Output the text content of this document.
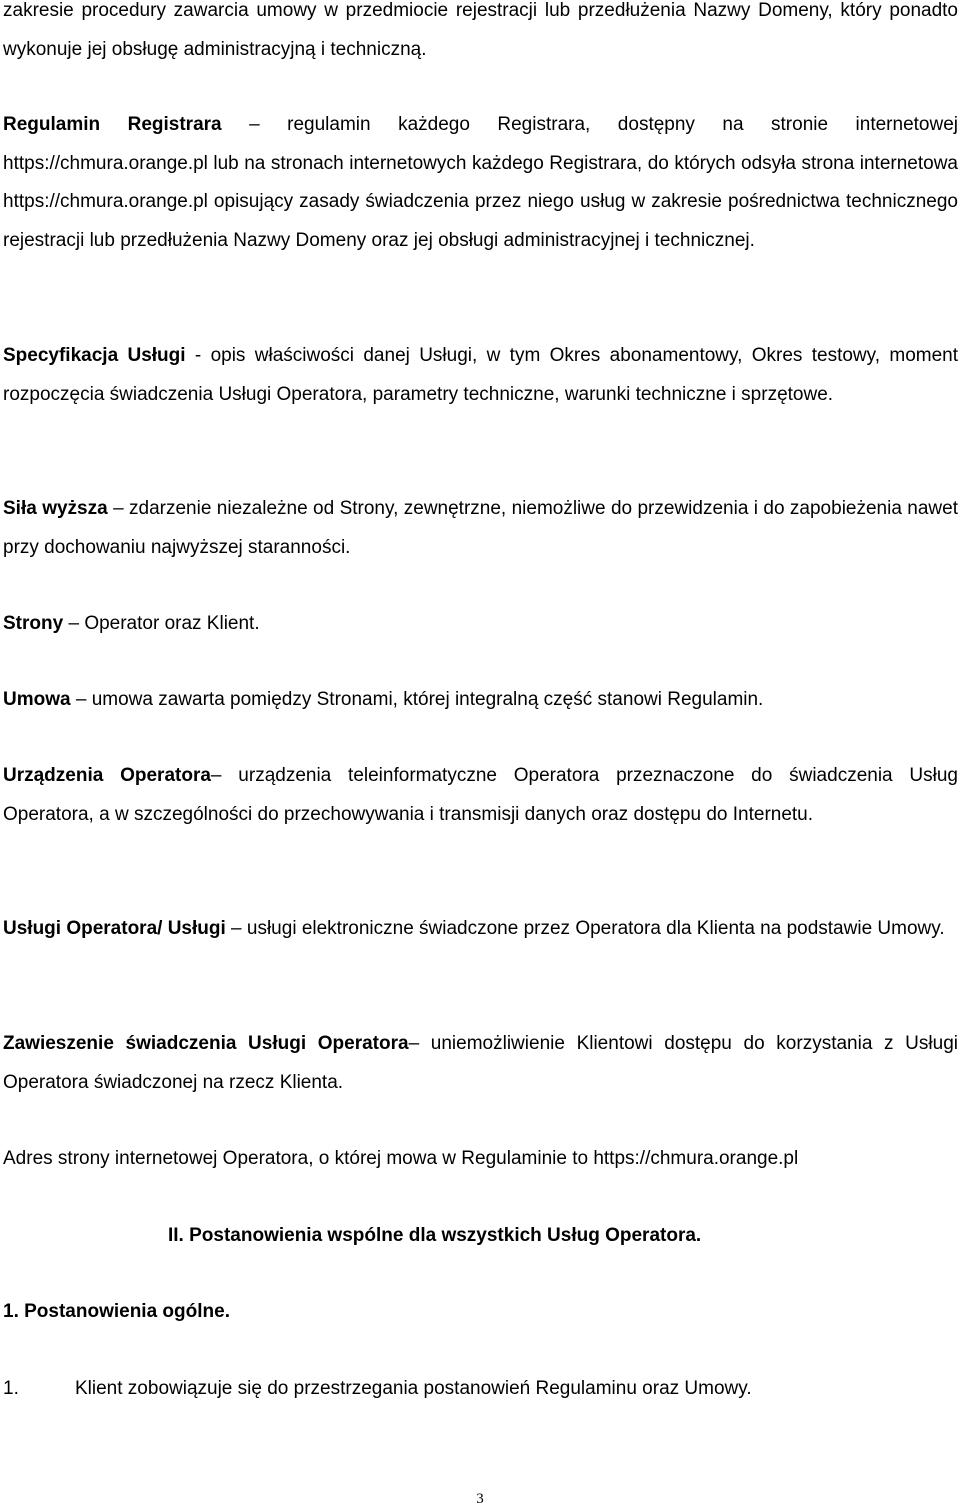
zakresie procedury zawarcia umowy w przedmiocie rejestracji lub przedłużenia Nazwy Domeny, który ponadto wykonuje jej obsługę administracyjną i techniczną.

Regulamin Registrara – regulamin każdego Registrara, dostępny na stronie internetowej https://chmura.orange.pl lub na stronach internetowych każdego Registrara, do których odsyła strona internetowa https://chmura.orange.pl opisujący zasady świadczenia przez niego usług w zakresie pośrednictwa technicznego rejestracji lub przedłużenia Nazwy Domeny oraz jej obsługi administracyjnej i technicznej.

Specyfikacja Usługi - opis właściwości danej Usługi, w tym Okres abonamentowy, Okres testowy, moment rozpoczęcia świadczenia Usługi Operatora, parametry techniczne, warunki techniczne i sprzętowe.

Siła wyższa – zdarzenie niezależne od Strony, zewnętrzne, niemożliwe do przewidzenia i do zapobieżenia nawet przy dochowaniu najwyższej staranności.

Strony – Operator oraz Klient.

Umowa – umowa zawarta pomiędzy Stronami, której integralną część stanowi Regulamin.

Urządzenia Operatora– urządzenia teleinformatyczne Operatora przeznaczone do świadczenia Usług Operatora, a w szczególności do przechowywania i transmisji danych oraz dostępu do Internetu.

Usługi Operatora/ Usługi – usługi elektroniczne świadczone przez Operatora dla Klienta na podstawie Umowy.

Zawieszenie świadczenia Usługi Operatora– uniemożliwienie Klientowi dostępu do korzystania z Usługi Operatora świadczonej na rzecz Klienta.

Adres strony internetowej Operatora, o której mowa w Regulaminie to https://chmura.orange.pl

II. Postanowienia wspólne dla wszystkich Usług Operatora.
1. Postanowienia ogólne.

1.	Klient zobowiązuje się do przestrzegania postanowień Regulaminu oraz Umowy.

3
